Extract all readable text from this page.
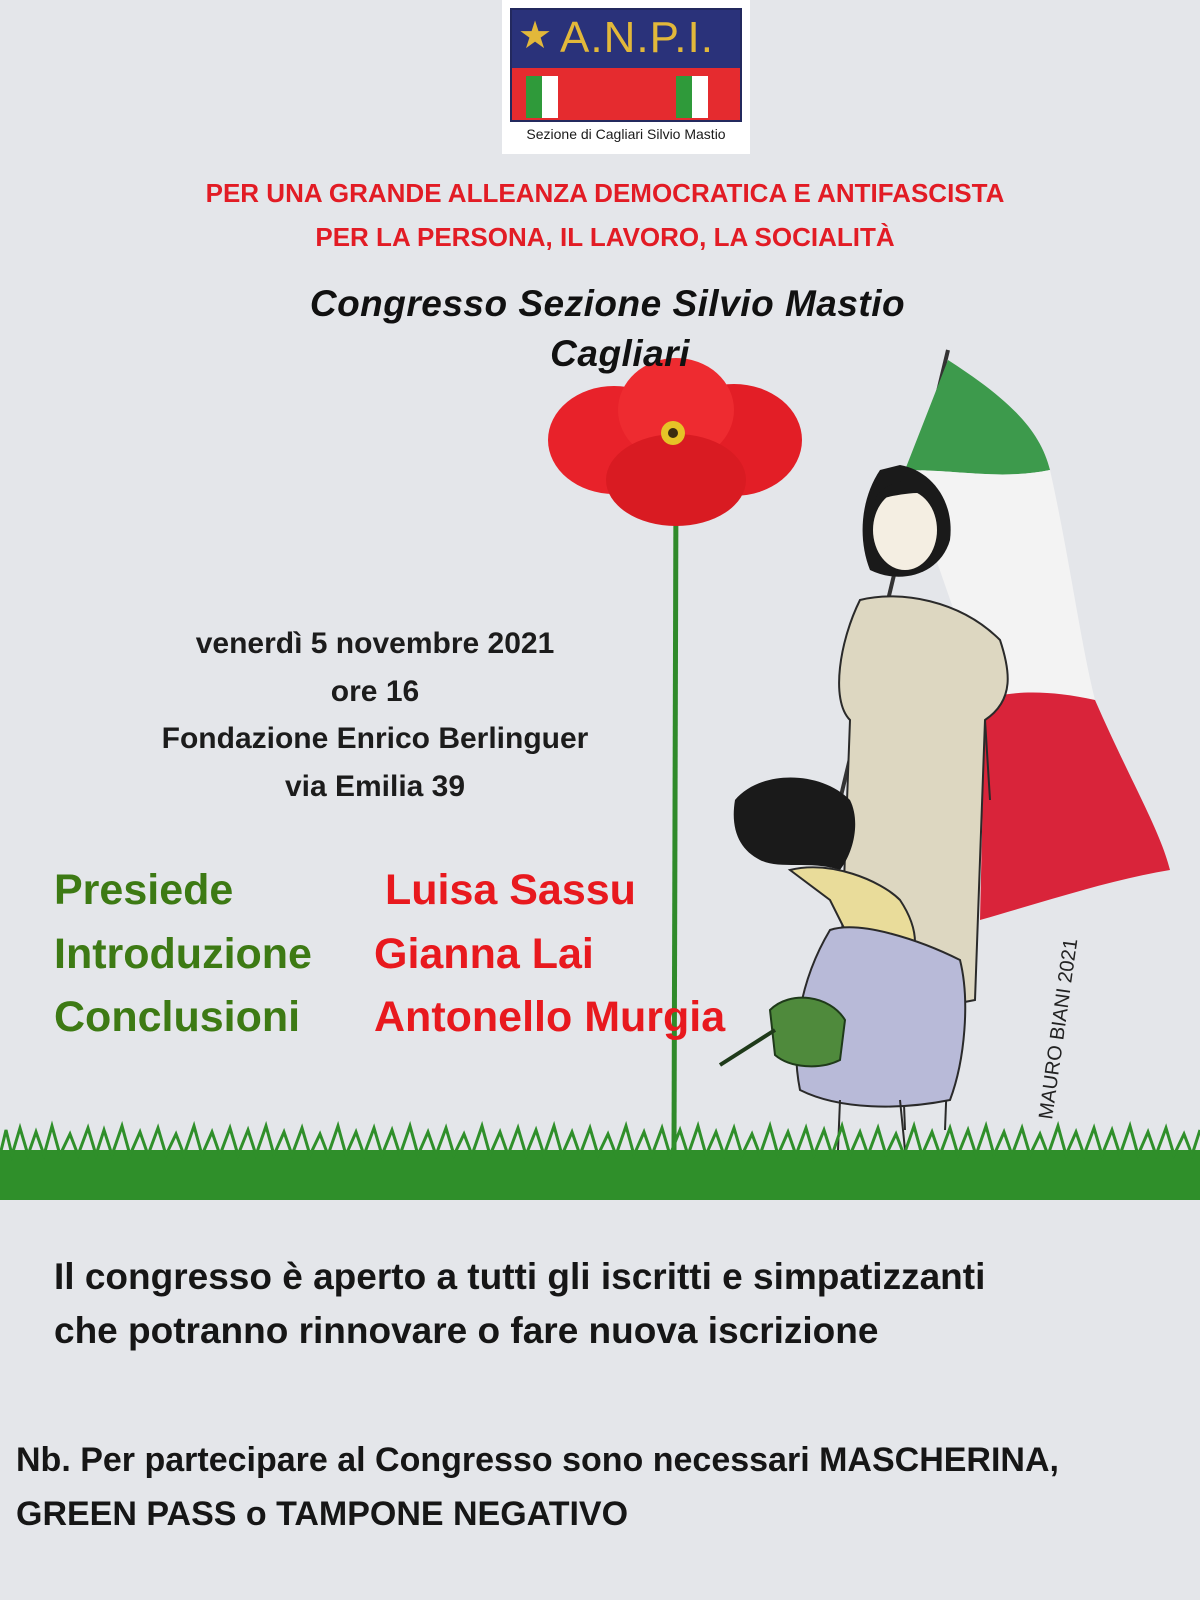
MAURO BIANI 2021
★ A.N.P.I.
Sezione di Cagliari Silvio Mastio
PER UNA GRANDE ALLEANZA DEMOCRATICA E ANTIFASCISTA
PER LA PERSONA, IL LAVORO, LA SOCIALITÀ
Congresso Sezione Silvio Mastio
Cagliari
venerdì 5 novembre 2021
ore 16
Fondazione Enrico Berlinguer
via Emilia 39
Presiede	Luisa Sassu
Introduzione Gianna Lai
Conclusioni Antonello Murgia
Il congresso è aperto a tutti gli iscritti e simpatizzanti
che potranno rinnovare o fare nuova iscrizione
Nb. Per partecipare al Congresso sono necessari MASCHERINA,
GREEN PASS o TAMPONE NEGATIVO
